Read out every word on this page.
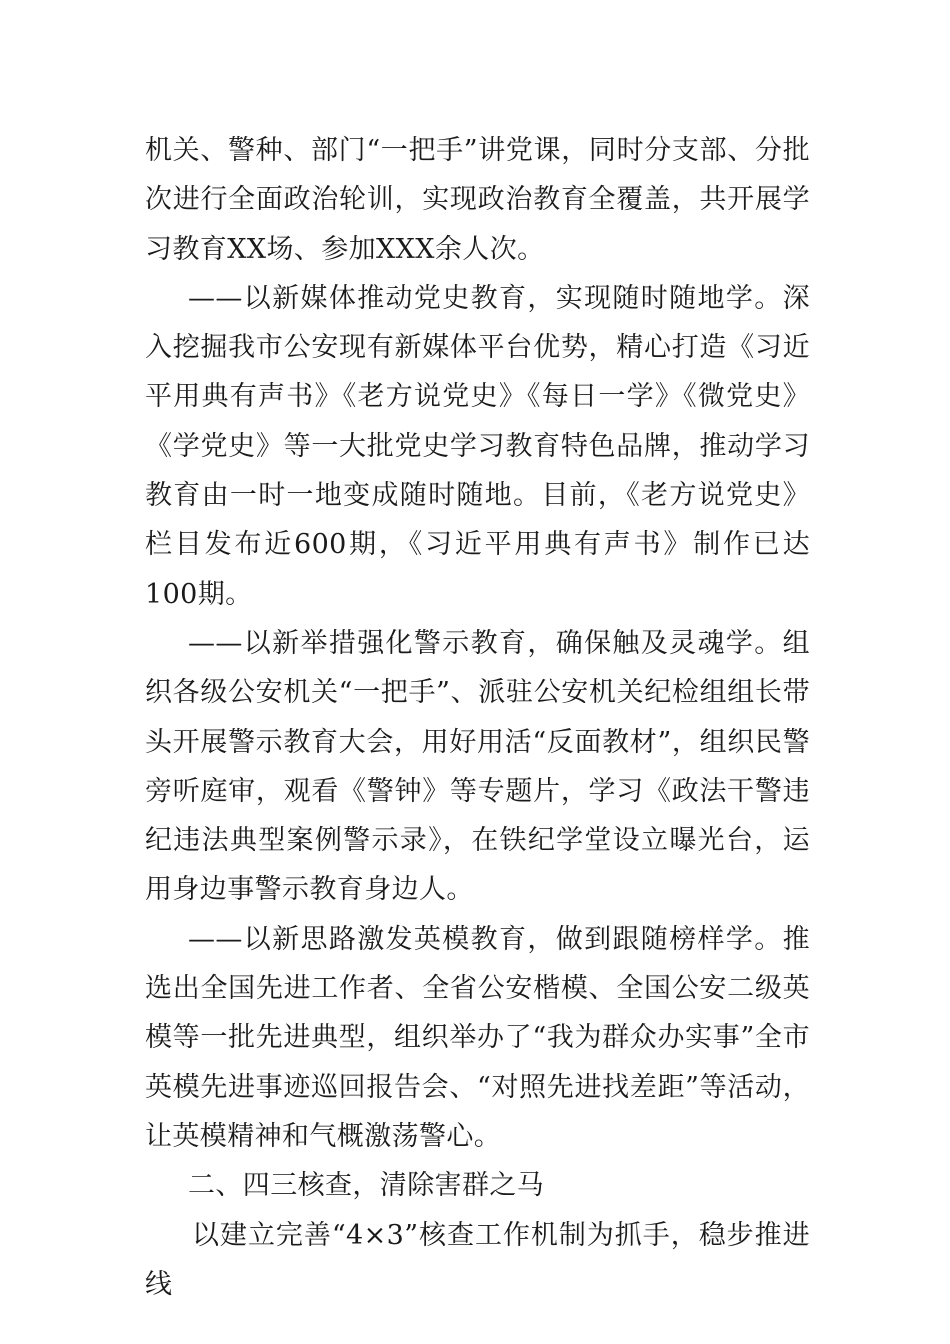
机关、警种、部门“一把手”讲党课，同时分支部、分批次进行全面政治轮训，实现政治教育全覆盖，共开展学习教育XX场、参加XXX余人次。

——以新媒体推动党史教育，实现随时随地学。深入挖掘我市公安现有新媒体平台优势，精心打造《习近平用典有声书》《老方说党史》《每日一学》《微党史》《学党史》等一大批党史学习教育特色品牌，推动学习教育由一时一地变成随时随地。目前，《老方说党史》栏目发布近600期，《习近平用典有声书》制作已达100期。

——以新举措强化警示教育，确保触及灵魂学。组织各级公安机关“一把手”、派驻公安机关纪检组组长带头开展警示教育大会，用好用活“反面教材”，组织民警旁听庭审，观看《警钟》等专题片，学习《政法干警违纪违法典型案例警示录》，在铁纪学堂设立曝光台，运用身边事警示教育身边人。

——以新思路激发英模教育，做到跟随榜样学。推选出全国先进工作者、全省公安楷模、全国公安二级英模等一批先进典型，组织举办了“我为群众办实事”全市英模先进事迹巡回报告会、“对照先进找差距”等活动，让英模精神和气概激荡警心。

二、四三核查，清除害群之马

以建立完善“4×3”核查工作机制为抓手，稳步推进线
